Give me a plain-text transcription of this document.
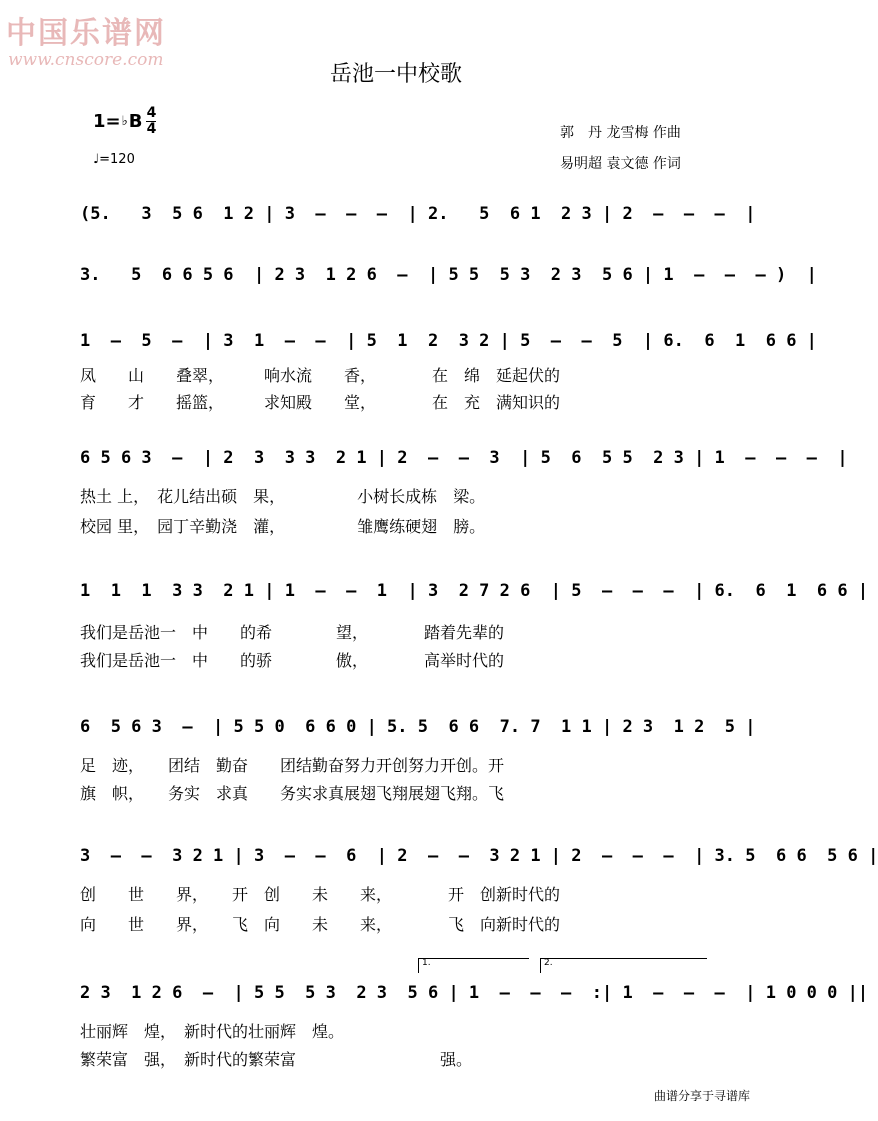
中国乐谱网
www.cnscore.com
岳池一中校歌
1= ♭ B $\frac{4}{4}$
♩=120
郭　丹 龙雪梅 作曲
易明超 袁文德 作词
(5.   3  5 6  1 2 | 3  –  –  –  | 2.   5  6 1  2 3 | 2  –  –  –  |
3.   5  6 6 5 6  | 2 3  1 2 6  –  | 5 5  5 3  2 3  5 6 | 1  –  –  – )  |
1  –  5  –  | 3  1  –  –  | 5  1  2  3 2 | 5  –  –  5  | 6.  6  1  6 6 |
凤　　山　　叠翠，　　　响水流　　香，　　　　在　绵　延起伏的
育　　才　　摇篮，　　　求知殿　　堂，　　　　在　充　满知识的
6 5 6 3  –  | 2  3  3 3  2 1 | 2  –  –  3  | 5  6  5 5  2 3 | 1  –  –  –  |
热土 上，　花儿结出硕　果，　　　　　小树长成栋　梁。
校园 里，　园丁辛勤浇　灌，　　　　　雏鹰练硬翅　膀。
1  1  1  3 3  2 1 | 1  –  –  1  | 3  2 7 2 6  | 5  –  –  –  | 6.  6  1  6 6 |
我们是岳池一　中　　的希　　　　望，　　　　踏着先辈的
我们是岳池一　中　　的骄　　　　傲，　　　　高举时代的
6  5 6 3  –  | 5 5 0  6 6 0 | 5. 5  6 6  7. 7  1 1 | 2 3  1 2  5 |
足　迹，　　团结　勤奋　　团结勤奋努力开创努力开创。开
旗　帜，　　务实　求真　　务实求真展翅飞翔展翅飞翔。飞
3  –  –  3 2 1 | 3  –  –  6  | 2  –  –  3 2 1 | 2  –  –  –  | 3. 5  6 6  5 6 |
创　　世　　界，　　开　创　　未　　来，　　　　开　创新时代的
向　　世　　界，　　飞　向　　未　　来，　　　　飞　向新时代的
1.	2.
2 3  1 2 6  –  | 5 5  5 3  2 3  5 6 | 1  –  –  –  :| 1  –  –  –  | 1 0 0 0 ||
壮丽辉　煌，　新时代的壮丽辉　煌。
繁荣富　强，　新时代的繁荣富　　　　　　　　　强。
曲谱分享于寻谱库
